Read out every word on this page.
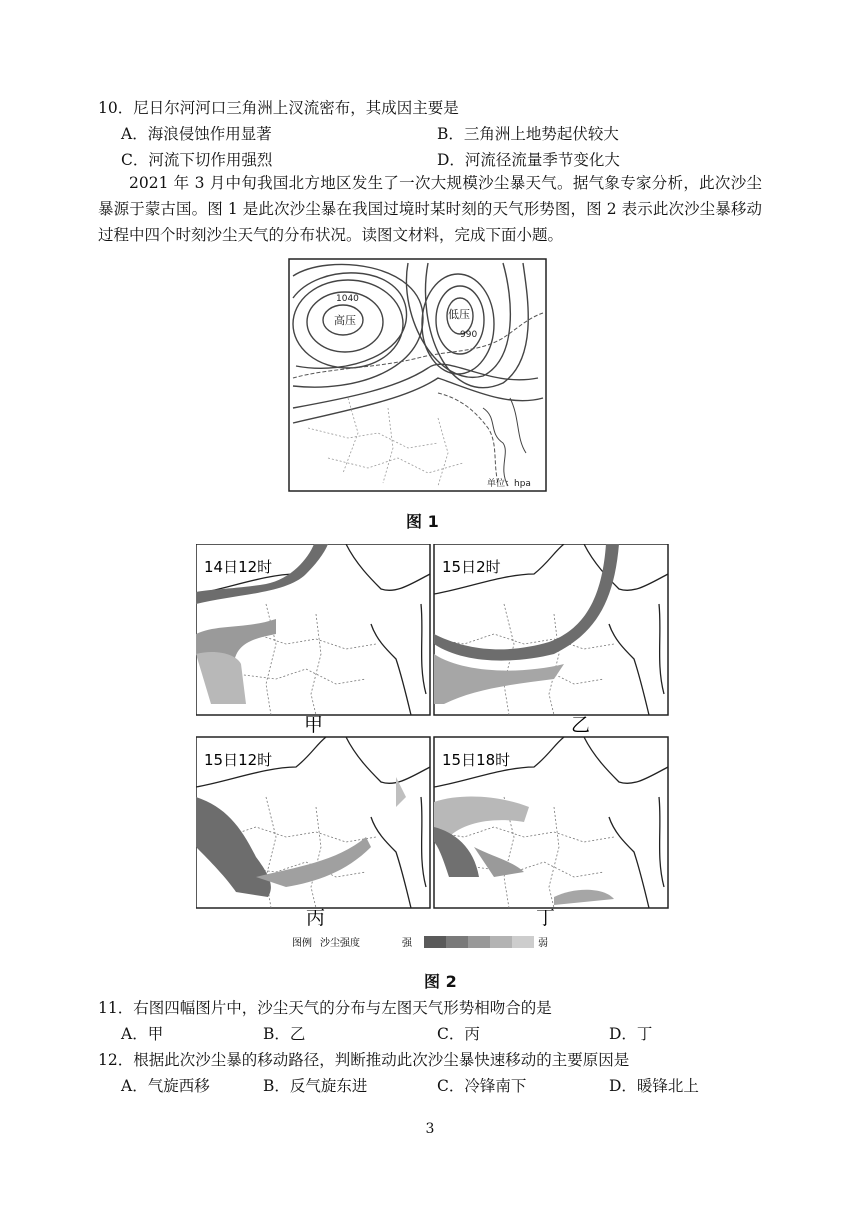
10．尼日尔河河口三角洲上汊流密布，其成因主要是
A．海浪侵蚀作用显著	B．三角洲上地势起伏较大
C．河流下切作用强烈	D．河流径流量季节变化大
2021 年 3 月中旬我国北方地区发生了一次大规模沙尘暴天气。据气象专家分析，此次沙尘暴源于蒙古国。图 1 是此次沙尘暴在我国过境时某时刻的天气形势图，图 2 表示此次沙尘暴移动过程中四个时刻沙尘天气的分布状况。读图文材料，完成下面小题。
1040
高压	低压
990
单位：hpa
图 1
14日12时	15日2时
15日12时	15日18时
甲	乙
丙	丁
图例 沙尘强度	强	弱
图 2
11．右图四幅图片中，沙尘天气的分布与左图天气形势相吻合的是
A．甲	B．乙	C．丙	D．丁
12．根据此次沙尘暴的移动路径，判断推动此次沙尘暴快速移动的主要原因是
A．气旋西移	B．反气旋东进	C．冷锋南下	D．暖锋北上
3
